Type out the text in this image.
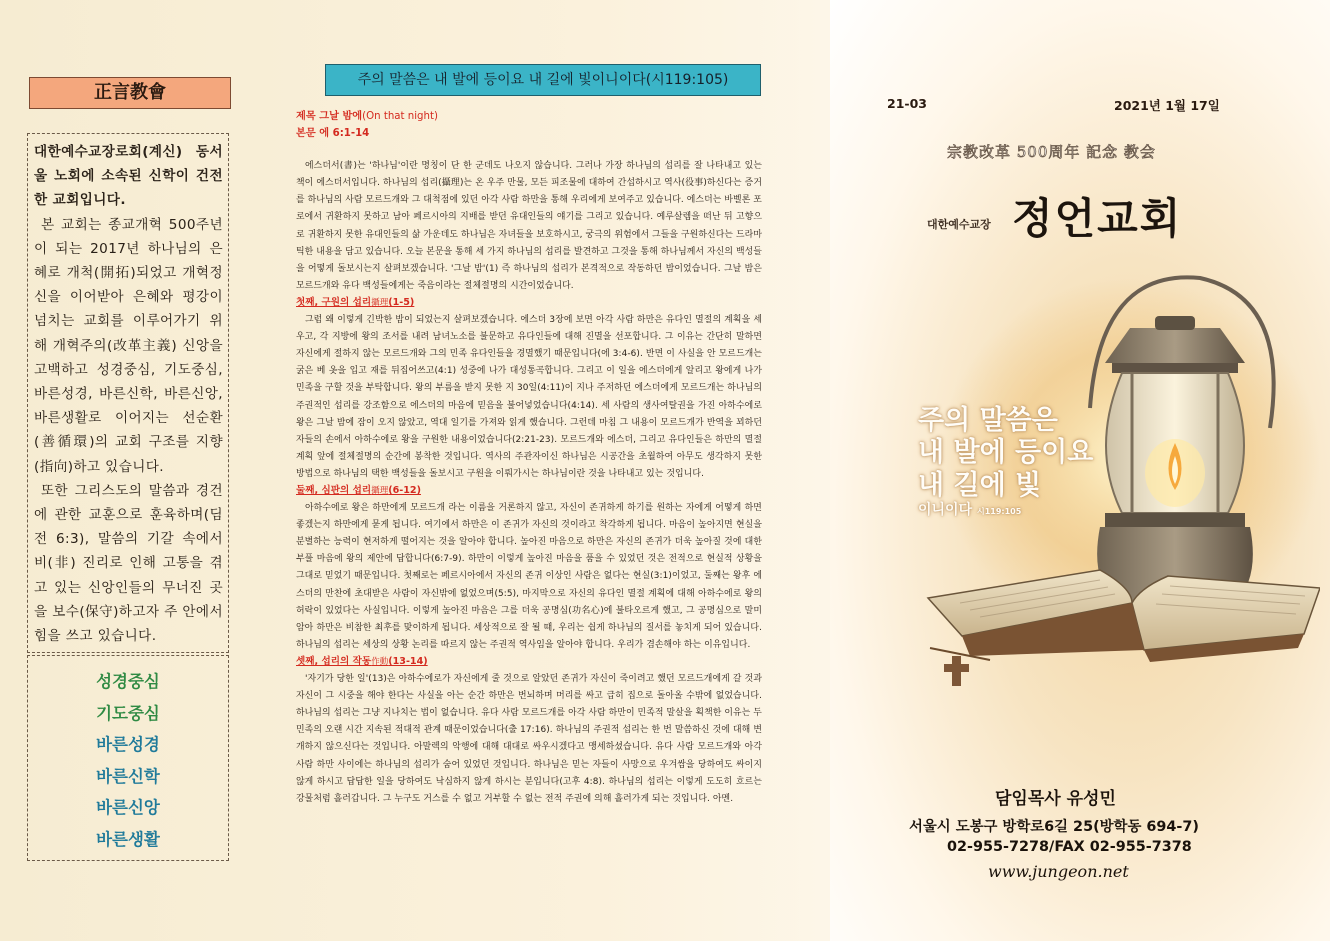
正言教會

대한예수교장로회(계신) 동서울 노회에 소속된 신학이 건전한 교회입니다.

본 교회는 종교개혁 500주년이 되는 2017년 하나님의 은혜로 개척(開拓)되었고 개혁정신을 이어받아 은혜와 평강이 넘치는 교회를 이루어가기 위해 개혁주의(改革主義) 신앙을 고백하고 성경중심, 기도중심, 바른성경, 바른신학, 바른신앙, 바른생활로 이어지는 선순환(善循環)의 교회 구조를 지향(指向)하고 있습니다.

또한 그리스도의 말씀과 경건에 관한 교훈으로 훈육하며(딤전 6:3), 말씀의 기갈 속에서 비(非) 진리로 인해 고통을 겪고 있는 신앙인들의 무너진 곳을 보수(保守)하고자 주 안에서 힘을 쓰고 있습니다.

성경중심
기도중심
바른성경
바른신학
바른신앙
바른생활
주의 말씀은 내 발에 등이요 내 길에 빛이니이다(시119:105)
제목 그날 밤에(On that night)
본문 에 6:1-14

에스더서(書)는 '하나님'이란 명칭이 단 한 군데도 나오지 않습니다. 그러나 가장 하나님의 섭리를 잘 나타내고 있는 책이 에스더서입니다. 하나님의 섭리(攝理)는 온 우주 만물, 모든 피조물에 대하여 간섭하시고 역사(役事)하신다는 증거를 하나님의 사람 모르드개와 그 대척점에 있던 아각 사람 하만을 통해 우리에게 보여주고 있습니다. 에스더는 바벨론 포로에서 귀환하지 못하고 남아 페르시아의 지배를 받던 유대인들의 얘기를 그리고 있습니다. 예루살렘을 떠난 뒤 고향으로 귀환하지 못한 유대인들의 삶 가운데도 하나님은 자녀들을 보호하시고, 궁극의 위험에서 그들을 구원하신다는 드라마틱한 내용을 담고 있습니다. 오늘 본문을 통해 세 가지 하나님의 섭리를 발견하고 그것을 통해 하나님께서 자신의 백성들을 어떻게 돌보시는지 살펴보겠습니다. '그날 밤'(1) 즉 하나님의 섭리가 본격적으로 작동하던 밤이었습니다. 그날 밤은 모르드개와 유다 백성들에게는 죽음이라는 절체절명의 시간이었습니다.

첫째, 구원의 섭리攝理(1-5)

그럼 왜 이렇게 긴박한 밤이 되었는지 살펴보겠습니다. 에스더 3장에 보면 아각 사람 하만은 유다인 멸절의 계획을 세우고, 각 지방에 왕의 조서를 내려 남녀노소를 불문하고 유다인들에 대해 진멸을 선포합니다. 그 이유는 간단히 말하면 자신에게 절하지 않는 모르드개와 그의 민족 유다인들을 경멸했기 때문입니다(에 3:4-6). 반면 이 사실을 안 모르드개는 굵은 베 옷을 입고 재를 뒤집어쓰고(4:1) 성중에 나가 대성통곡합니다. 그리고 이 일을 에스더에게 알리고 왕에게 나가 민족을 구할 것을 부탁합니다. 왕의 부름을 받지 못한 지 30일(4:11)이 지나 주저하던 에스더에게 모르드개는 하나님의 주권적인 섭리를 강조함으로 에스더의 마음에 믿음을 불어넣었습니다(4:14). 세 사람의 생사여탈권을 가진 아하수에로 왕은 그날 밤에 잠이 오지 않았고, 역대 일기를 가져와 읽게 했습니다. 그런데 마침 그 내용이 모르드개가 반역을 꾀하던 자들의 손에서 아하수에로 왕을 구원한 내용이었습니다(2:21-23). 모르드개와 에스더, 그리고 유다인들은 하만의 멸절 계획 앞에 절체절명의 순간에 봉착한 것입니다. 역사의 주관자이신 하나님은 시공간을 초월하여 아무도 생각하지 못한 방법으로 하나님의 택한 백성들을 돌보시고 구원을 이뤄가시는 하나님이란 것을 나타내고 있는 것입니다.

둘째, 심판의 섭리攝理(6-12)

아하수에로 왕은 하만에게 모르드개 라는 이름을 거론하지 않고, 자신이 존귀하게 하기를 원하는 자에게 어떻게 하면 좋겠는지 하만에게 묻게 됩니다. 여기에서 하만은 이 존귀가 자신의 것이라고 착각하게 됩니다. 마음이 높아지면 현실을 분별하는 능력이 현저하게 떨어지는 것을 알아야 합니다. 높아진 마음으로 하만은 자신의 존귀가 더욱 높아질 것에 대한 부풀 마음에 왕의 제안에 답합니다(6:7-9). 하만이 이렇게 높아진 마음을 품을 수 있었던 것은 전적으로 현실적 상황을 그대로 믿었기 때문입니다. 첫째로는 페르시아에서 자신의 존귀 이상인 사람은 없다는 현실(3:1)이었고, 둘째는 왕후 에스더의 만찬에 초대받은 사람이 자신밖에 없었으며(5:5), 마지막으로 자신의 유다인 멸절 계획에 대해 아하수에로 왕의 허락이 있었다는 사실입니다. 이렇게 높아진 마음은 그를 더욱 공명심(功名心)에 불타오르게 했고, 그 공명심으로 말미암아 하만은 비참한 최후를 맞이하게 됩니다. 세상적으로 잘 될 때, 우리는 쉽게 하나님의 질서를 놓치게 되어 있습니다. 하나님의 섭리는 세상의 상황 논리를 따르지 않는 주권적 역사임을 알아야 합니다. 우리가 겸손해야 하는 이유입니다.

셋째, 섭리의 작동作動(13-14)

'자기가 당한 일'(13)은 아하수에로가 자신에게 줄 것으로 알았던 존귀가 자신이 죽이려고 했던 모르드개에게 갈 것과 자신이 그 시중을 해야 한다는 사실을 아는 순간 하만은 번뇌하며 머리를 싸고 급히 집으로 돌아올 수밖에 없었습니다. 하나님의 섭리는 그냥 지나치는 법이 없습니다. 유다 사람 모르드개를 아각 사람 하만이 민족적 말살을 획책한 이유는 두 민족의 오랜 시간 지속된 적대적 관계 때문이었습니다(출 17:16). 하나님의 주권적 섭리는 한 번 말씀하신 것에 대해 변개하지 않으신다는 것입니다. 아말렉의 악행에 대해 대대로 싸우시겠다고 맹세하셨습니다. 유다 사람 모르드개와 아각 사람 하만 사이에는 하나님의 섭리가 숨어 있었던 것입니다. 하나님은 믿는 자들이 사망으로 우겨쌈을 당하여도 싸이지 않게 하시고 답답한 일을 당하여도 낙심하지 않게 하시는 분입니다(고후 4:8). 하나님의 섭리는 이렇게 도도히 흐르는 강물처럼 흘러갑니다. 그 누구도 거스를 수 없고 거부할 수 없는 전적 주권에 의해 흘러가게 되는 것입니다. 아멘.

21-03	2021년 1월 17일
宗教改革 500周年 記念 教会
대한예수교장 정언교회
주의 말씀은
내 발에 등이요
내 길에 빛
이니이다 시119:105
담임목사 유성민
서울시 도봉구 방학로6길 25(방학동 694-7)
02-955-7278/FAX 02-955-7378
www.jungeon.net
